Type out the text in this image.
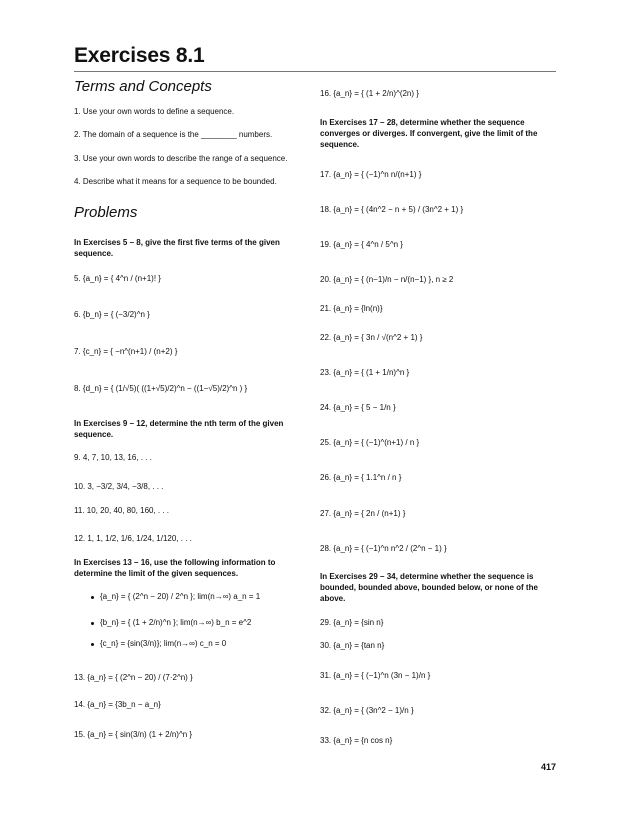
Exercises 8.1
Terms and Concepts
1. Use your own words to define a sequence.
2. The domain of a sequence is the ________ numbers.
3. Use your own words to describe the range of a sequence.
4. Describe what it means for a sequence to be bounded.
Problems
In Exercises 5 – 8, give the first five terms of the given sequence.
5. {a_n} = { 4^n / (n+1)! }
6. {b_n} = { (−3/2)^n }
7. {c_n} = { −n^(n+1) / (n+2) }
8. {d_n} = { (1/√5)( ((1+√5)/2)^n − ((1−√5)/2)^n ) }
In Exercises 9 – 12, determine the nth term of the given sequence.
9. 4, 7, 10, 13, 16, . . .
10. 3, −3/2, 3/4, −3/8, . . .
11. 10, 20, 40, 80, 160, . . .
12. 1, 1, 1/2, 1/6, 1/24, 1/120, . . .
In Exercises 13 – 16, use the following information to determine the limit of the given sequences.
{a_n} = { (2^n − 20) / 2^n }; lim(n→∞) a_n = 1
{b_n} = { (1 + 2/n)^n }; lim(n→∞) b_n = e^2
{c_n} = {sin(3/n)}; lim(n→∞) c_n = 0
13. {a_n} = { (2^n − 20) / (7·2^n) }
14. {a_n} = {3b_n − a_n}
15. {a_n} = { sin(3/n) (1 + 2/n)^n }
16. {a_n} = { (1 + 2/n)^(2n) }
In Exercises 17 – 28, determine whether the sequence converges or diverges. If convergent, give the limit of the sequence.
17. {a_n} = { (−1)^n n/(n+1) }
18. {a_n} = { (4n^2 − n + 5) / (3n^2 + 1) }
19. {a_n} = { 4^n / 5^n }
20. {a_n} = { (n−1)/n − n/(n−1) }, n ≥ 2
21. {a_n} = {ln(n)}
22. {a_n} = { 3n / √(n^2 + 1) }
23. {a_n} = { (1 + 1/n)^n }
24. {a_n} = { 5 − 1/n }
25. {a_n} = { (−1)^(n+1) / n }
26. {a_n} = { 1.1^n / n }
27. {a_n} = { 2n / (n+1) }
28. {a_n} = { (−1)^n n^2 / (2^n − 1) }
In Exercises 29 – 34, determine whether the sequence is bounded, bounded above, bounded below, or none of the above.
29. {a_n} = {sin n}
30. {a_n} = {tan n}
31. {a_n} = { (−1)^n (3n − 1)/n }
32. {a_n} = { (3n^2 − 1)/n }
33. {a_n} = {n cos n}
417
